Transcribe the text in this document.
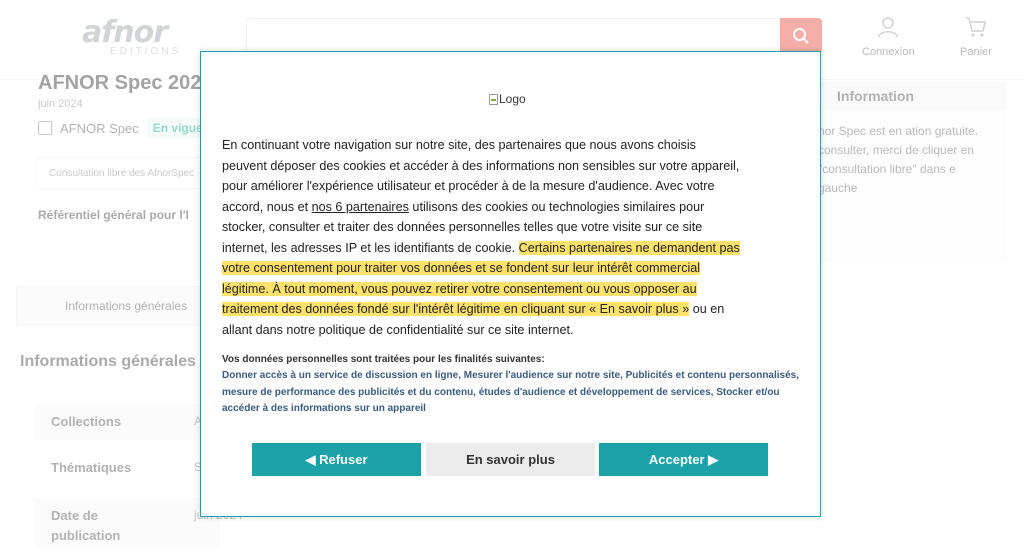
Logo

En continuant votre navigation sur notre site, des partenaires que nous avons choisis peuvent déposer des cookies et accéder à des informations non sensibles sur votre appareil, pour améliorer l'expérience utilisateur et procéder à de la mesure d'audience. Avec votre accord, nous et nos 6 partenaires utilisons des cookies ou technologies similaires pour stocker, consulter et traiter des données personnelles telles que votre visite sur ce site internet, les adresses IP et les identifiants de cookie. Certains partenaires ne demandent pas votre consentement pour traiter vos données et se fondent sur leur intérêt commercial légitime. À tout moment, vous pouvez retirer votre consentement ou vous opposer au traitement des données fondé sur l'intérêt légitime en cliquant sur « En savoir plus » ou en allant dans notre politique de confidentialité sur ce site internet.

Vos données personnelles sont traitées pour les finalités suivantes:
Donner accès à un service de discussion en ligne, Mesurer l'audience sur notre site, Publicités et contenu personnalisés, mesure de performance des publicités et du contenu, études d'audience et développement de services, Stocker et/ou accéder à des informations sur un appareil
◀ Refuser	En savoir plus	Accepter ▶
